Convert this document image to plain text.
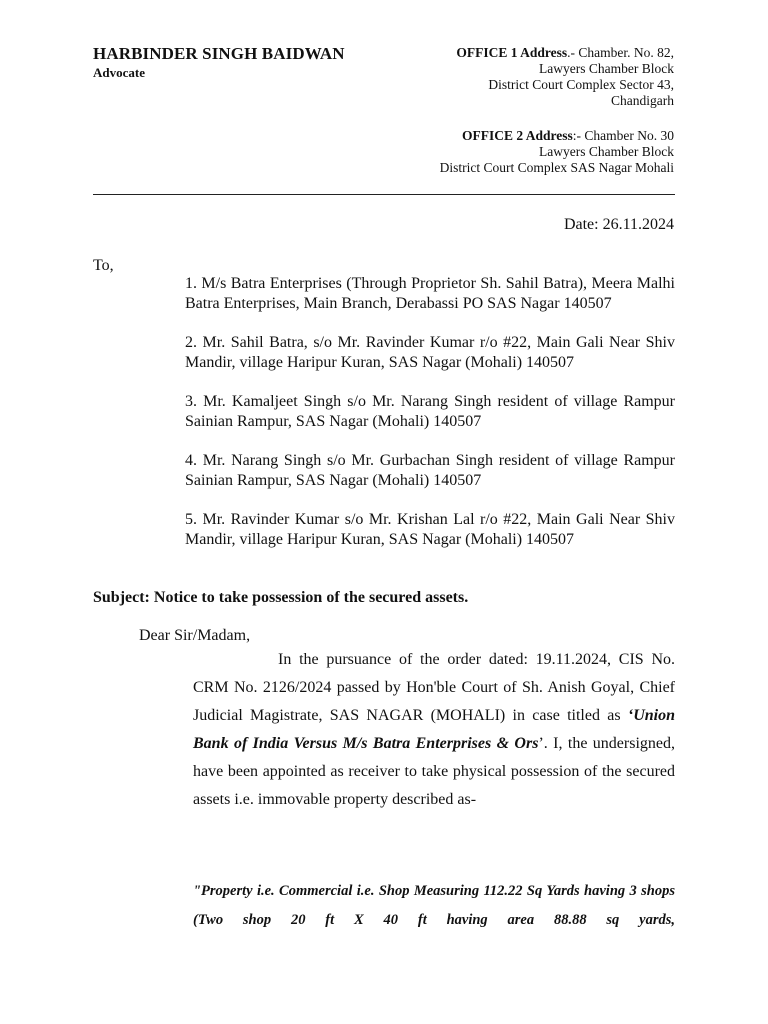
HARBINDER SINGH BAIDWAN
Advocate
OFFICE 1 Address.- Chamber. No. 82,
Lawyers Chamber Block
District Court Complex Sector 43,
Chandigarh
OFFICE 2 Address:- Chamber No. 30
Lawyers Chamber Block
District Court Complex SAS Nagar Mohali
Date: 26.11.2024
To,

1. M/s Batra Enterprises (Through Proprietor Sh. Sahil Batra), Meera Malhi Batra Enterprises, Main Branch, Derabassi PO SAS Nagar 140507

2. Mr. Sahil Batra, s/o Mr. Ravinder Kumar r/o #22, Main Gali Near Shiv Mandir, village Haripur Kuran, SAS Nagar (Mohali) 140507

3. Mr. Kamaljeet Singh s/o Mr. Narang Singh resident of village Rampur Sainian Rampur, SAS Nagar (Mohali) 140507

4. Mr. Narang Singh s/o Mr. Gurbachan Singh resident of village Rampur Sainian Rampur, SAS Nagar (Mohali) 140507

5. Mr. Ravinder Kumar s/o Mr. Krishan Lal r/o #22, Main Gali Near Shiv Mandir, village Haripur Kuran, SAS Nagar (Mohali) 140507

Subject: Notice to take possession of the secured assets.
Dear Sir/Madam,
In the pursuance of the order dated: 19.11.2024, CIS No. CRM No. 2126/2024 passed by Hon'ble Court of Sh. Anish Goyal, Chief Judicial Magistrate, SAS NAGAR (MOHALI) in case titled as ‘Union Bank of India Versus M/s Batra Enterprises & Ors’. I, the undersigned, have been appointed as receiver to take physical possession of the secured assets i.e. immovable property described as-
"Property i.e. Commercial i.e. Shop Measuring 112.22 Sq Yards having 3 shops (Two shop 20 ft X 40 ft having area 88.88 sq yards,
